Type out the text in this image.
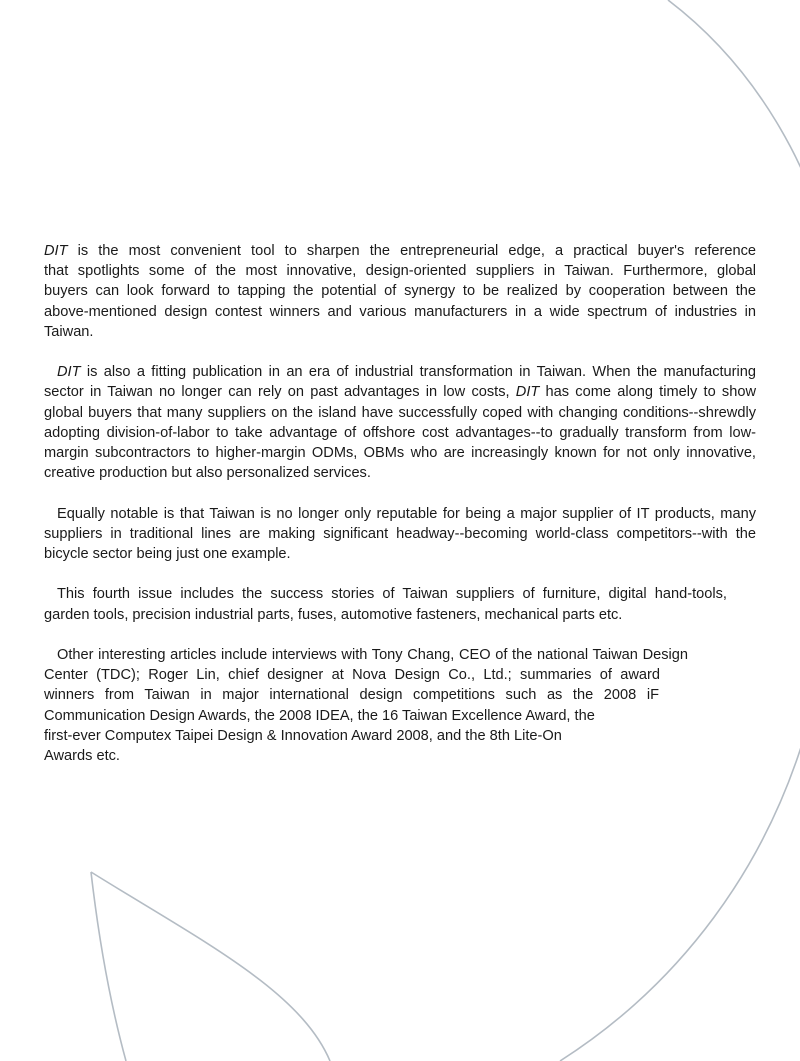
DIT is the most convenient tool to sharpen the entrepreneurial edge, a practical buyer's reference
that spotlights some of the most innovative, design-oriented suppliers in Taiwan. Furthermore, global
buyers can look forward to tapping the potential of synergy to be realized by cooperation between the
above-mentioned design contest winners and various manufacturers in a wide spectrum of industries in
Taiwan.
DIT is also a fitting publication in an era of industrial transformation in Taiwan. When the manufacturing
sector in Taiwan no longer can rely on past advantages in low costs, DIT has come along timely to show
global buyers that many suppliers on the island have successfully coped with changing conditions--shrewdly
adopting division-of-labor to take advantage of offshore cost advantages--to gradually transform from low-
margin subcontractors to higher-margin ODMs, OBMs who are increasingly known for not only innovative,
creative production but also personalized services.
Equally notable is that Taiwan is no longer only reputable for being a major supplier of IT products, many
suppliers in traditional lines are making significant headway--becoming world-class competitors--with the
bicycle sector being just one example.
This fourth issue includes the success stories of Taiwan suppliers of furniture, digital hand-tools,
garden tools, precision industrial parts, fuses, automotive fasteners, mechanical parts etc.
Other interesting articles include interviews with Tony Chang, CEO of the national Taiwan Design
Center (TDC); Roger Lin, chief designer at Nova Design Co., Ltd.; summaries of award
winners from Taiwan in major international design competitions such as the 2008 iF
Communication Design Awards, the 2008 IDEA, the 16 Taiwan Excellence Award, the
first-ever Computex Taipei Design & Innovation Award 2008, and the 8th Lite-On
Awards etc.
